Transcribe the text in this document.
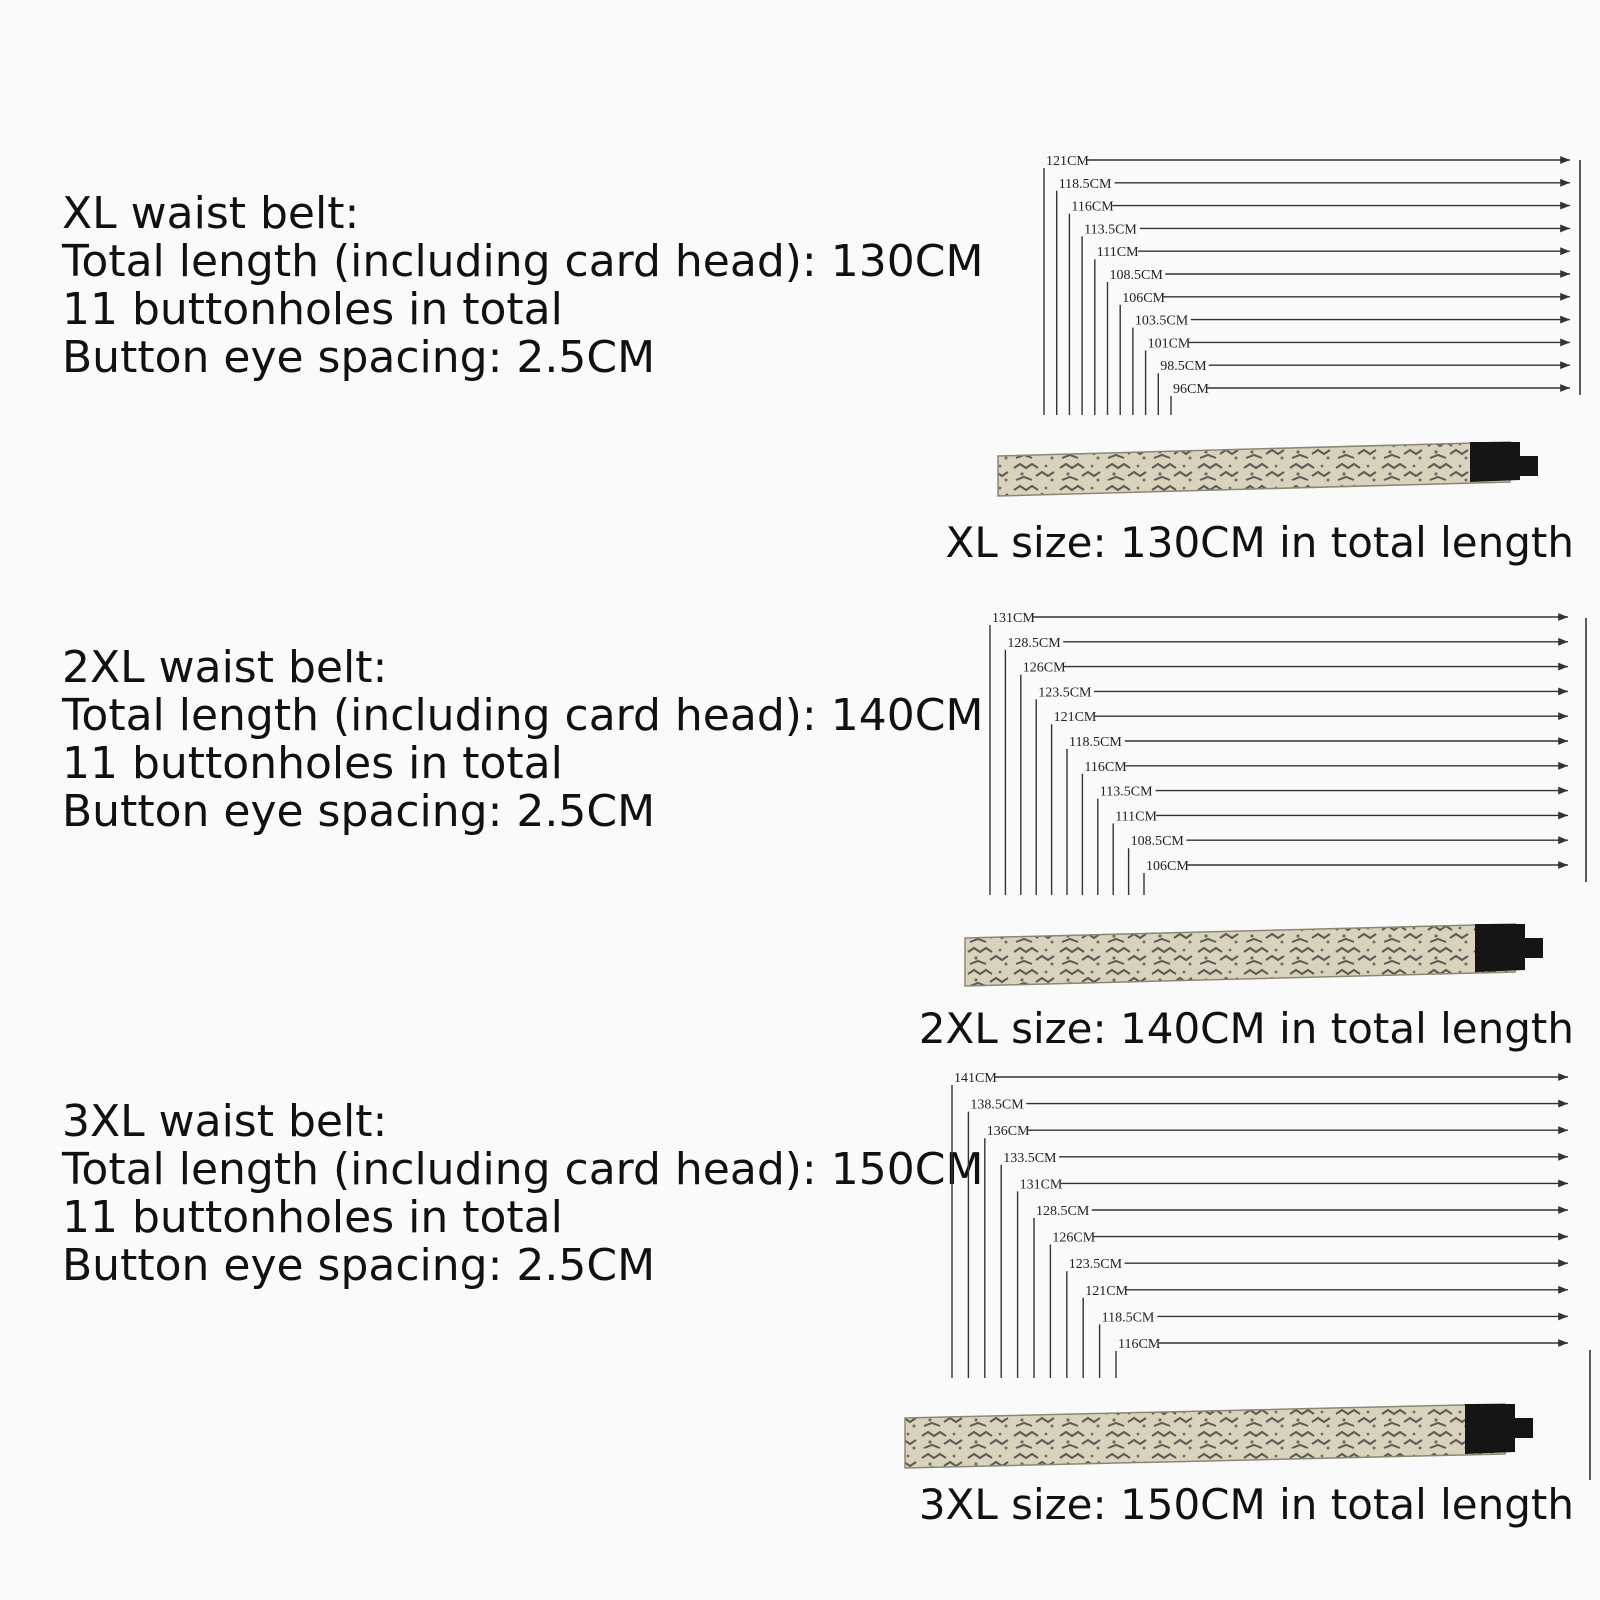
XL waist belt:
Total length (including card head): 130CM
11 buttonholes in total
Button eye spacing: 2.5CM
2XL waist belt:
Total length (including card head): 140CM
11 buttonholes in total
Button eye spacing: 2.5CM
3XL waist belt:
Total length (including card head): 150CM
11 buttonholes in total
Button eye spacing: 2.5CM
XL size: 130CM in total length
2XL size: 140CM in total length
3XL size: 150CM in total length
121CM
118.5CM
116CM
113.5CM
111CM
108.5CM
106CM
103.5CM
101CM
98.5CM
96CM
131CM
128.5CM
126CM
123.5CM
121CM
118.5CM
116CM
113.5CM
111CM
108.5CM
106CM
141CM
138.5CM
136CM
133.5CM
131CM
128.5CM
126CM
123.5CM
121CM
118.5CM
116CM
